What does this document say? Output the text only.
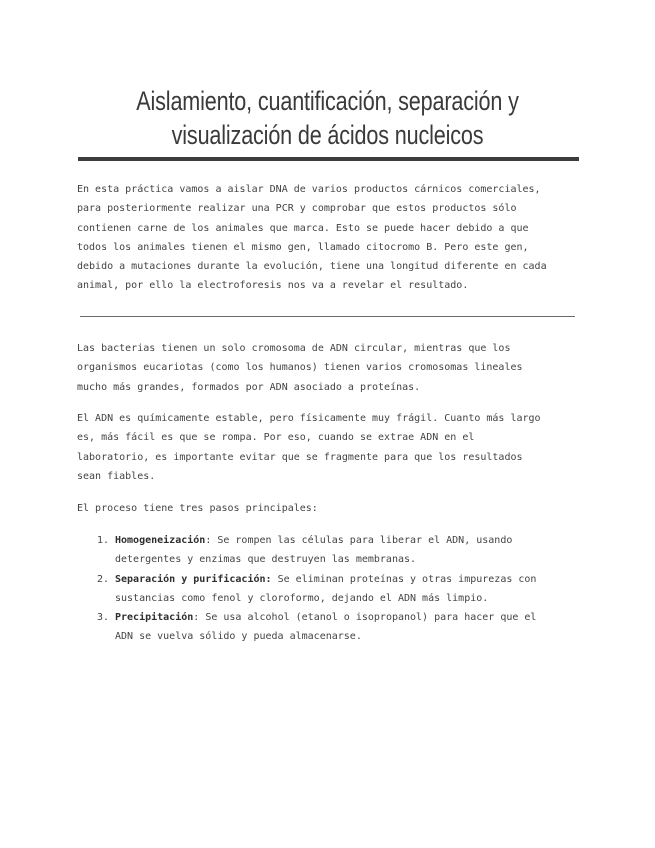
Aislamiento, cuantificación, separación y
visualización de ácidos nucleicos

En esta práctica vamos a aislar DNA de varios productos cárnicos comerciales,
para posteriormente realizar una PCR y comprobar que estos productos sólo
contienen carne de los animales que marca. Esto se puede hacer debido a que
todos los animales tienen el mismo gen, llamado citocromo B. Pero este gen,
debido a mutaciones durante la evolución, tiene una longitud diferente en cada
animal, por ello la electroforesis nos va a revelar el resultado.

Las bacterias tienen un solo cromosoma de ADN circular, mientras que los
organismos eucariotas (como los humanos) tienen varios cromosomas lineales
mucho más grandes, formados por ADN asociado a proteínas.

El ADN es químicamente estable, pero físicamente muy frágil. Cuanto más largo
es, más fácil es que se rompa. Por eso, cuando se extrae ADN en el
laboratorio, es importante evitar que se fragmente para que los resultados
sean fiables.

El proceso tiene tres pasos principales:

1. Homogeneización: Se rompen las células para liberar el ADN, usando
detergentes y enzimas que destruyen las membranas.
2. Separación y purificación: Se eliminan proteínas y otras impurezas con
sustancias como fenol y cloroformo, dejando el ADN más limpio.
3. Precipitación: Se usa alcohol (etanol o isopropanol) para hacer que el
ADN se vuelva sólido y pueda almacenarse.
